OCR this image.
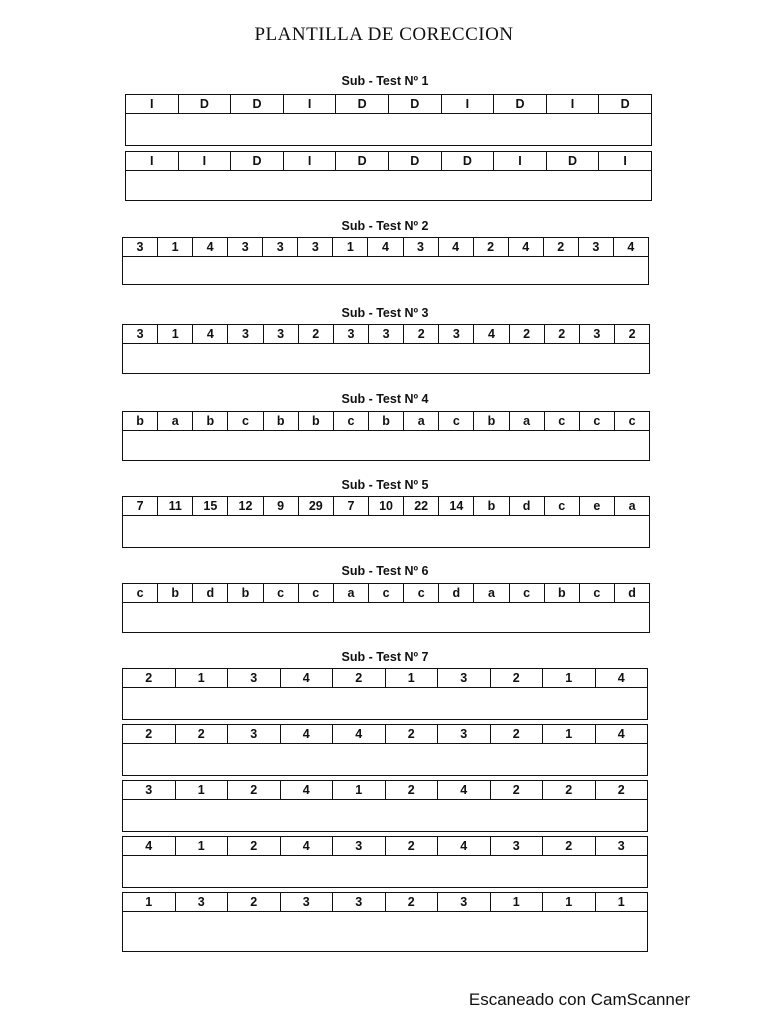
PLANTILLA DE CORECCION
Sub - Test Nº 1
I	D	D	I	D	D	I	D	I	D
I	I	D	I	D	D	D	I	D	I
Sub - Test Nº 2
3	1	4	3	3	3	1	4	3	4	2	4	2	3	4
Sub - Test Nº 3
3	1	4	3	3	2	3	3	2	3	4	2	2	3	2
Sub - Test Nº 4
b	a	b	c	b	b	c	b	a	c	b	a	c	c	c
Sub - Test Nº 5
7	11	15	12	9	29	7	10	22	14	b	d	c	e	a
Sub - Test Nº 6
c	b	d	b	c	c	a	c	c	d	a	c	b	c	d
Sub - Test Nº 7
2	1	3	4	2	1	3	2	1	4
2	2	3	4	4	2	3	2	1	4
3	1	2	4	1	2	4	2	2	2
4	1	2	4	3	2	4	3	2	3
1	3	2	3	3	2	3	1	1	1
Escaneado con CamScanner
